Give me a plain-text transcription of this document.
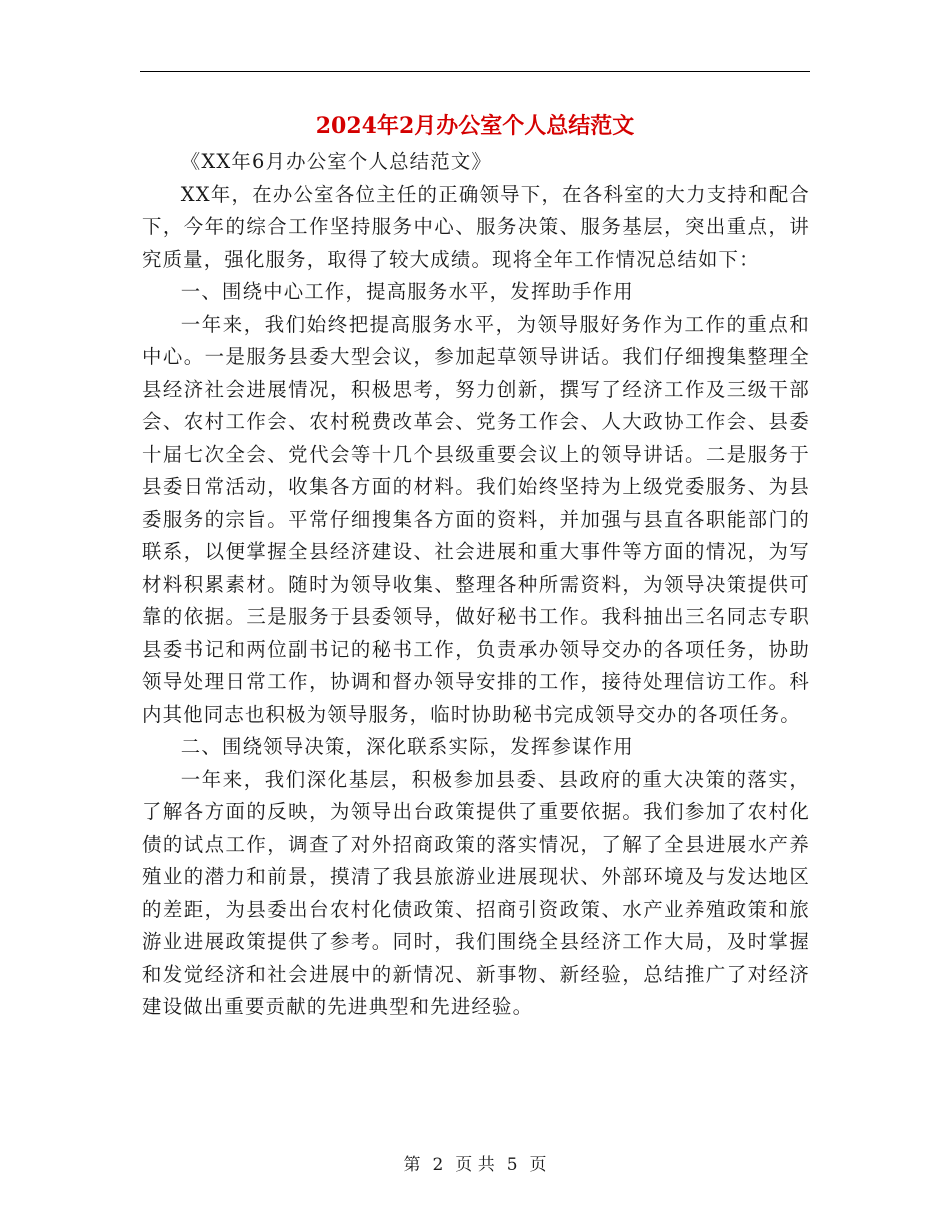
2024年2月办公室个人总结范文

《XX年6月办公室个人总结范文》

XX年，在办公室各位主任的正确领导下，在各科室的大力支持和配合下，今年的综合工作坚持服务中心、服务决策、服务基层，突出重点，讲究质量，强化服务，取得了较大成绩。现将全年工作情况总结如下：

一、围绕中心工作，提高服务水平，发挥助手作用

一年来，我们始终把提高服务水平，为领导服好务作为工作的重点和中心。一是服务县委大型会议，参加起草领导讲话。我们仔细搜集整理全县经济社会进展情况，积极思考，努力创新，撰写了经济工作及三级干部会、农村工作会、农村税费改革会、党务工作会、人大政协工作会、县委十届七次全会、党代会等十几个县级重要会议上的领导讲话。二是服务于县委日常活动，收集各方面的材料。我们始终坚持为上级党委服务、为县委服务的宗旨。平常仔细搜集各方面的资料，并加强与县直各职能部门的联系，以便掌握全县经济建设、社会进展和重大事件等方面的情况，为写材料积累素材。随时为领导收集、整理各种所需资料，为领导决策提供可靠的依据。三是服务于县委领导，做好秘书工作。我科抽出三名同志专职县委书记和两位副书记的秘书工作，负责承办领导交办的各项任务，协助领导处理日常工作，协调和督办领导安排的工作，接待处理信访工作。科内其他同志也积极为领导服务，临时协助秘书完成领导交办的各项任务。

二、围绕领导决策，深化联系实际，发挥参谋作用

一年来，我们深化基层，积极参加县委、县政府的重大决策的落实，了解各方面的反映，为领导出台政策提供了重要依据。我们参加了农村化债的试点工作，调查了对外招商政策的落实情况，了解了全县进展水产养殖业的潜力和前景，摸清了我县旅游业进展现状、外部环境及与发达地区的差距，为县委出台农村化债政策、招商引资政策、水产业养殖政策和旅游业进展政策提供了参考。同时，我们围绕全县经济工作大局，及时掌握和发觉经济和社会进展中的新情况、新事物、新经验，总结推广了对经济建设做出重要贡献的先进典型和先进经验。

第 2 页 共 5 页
